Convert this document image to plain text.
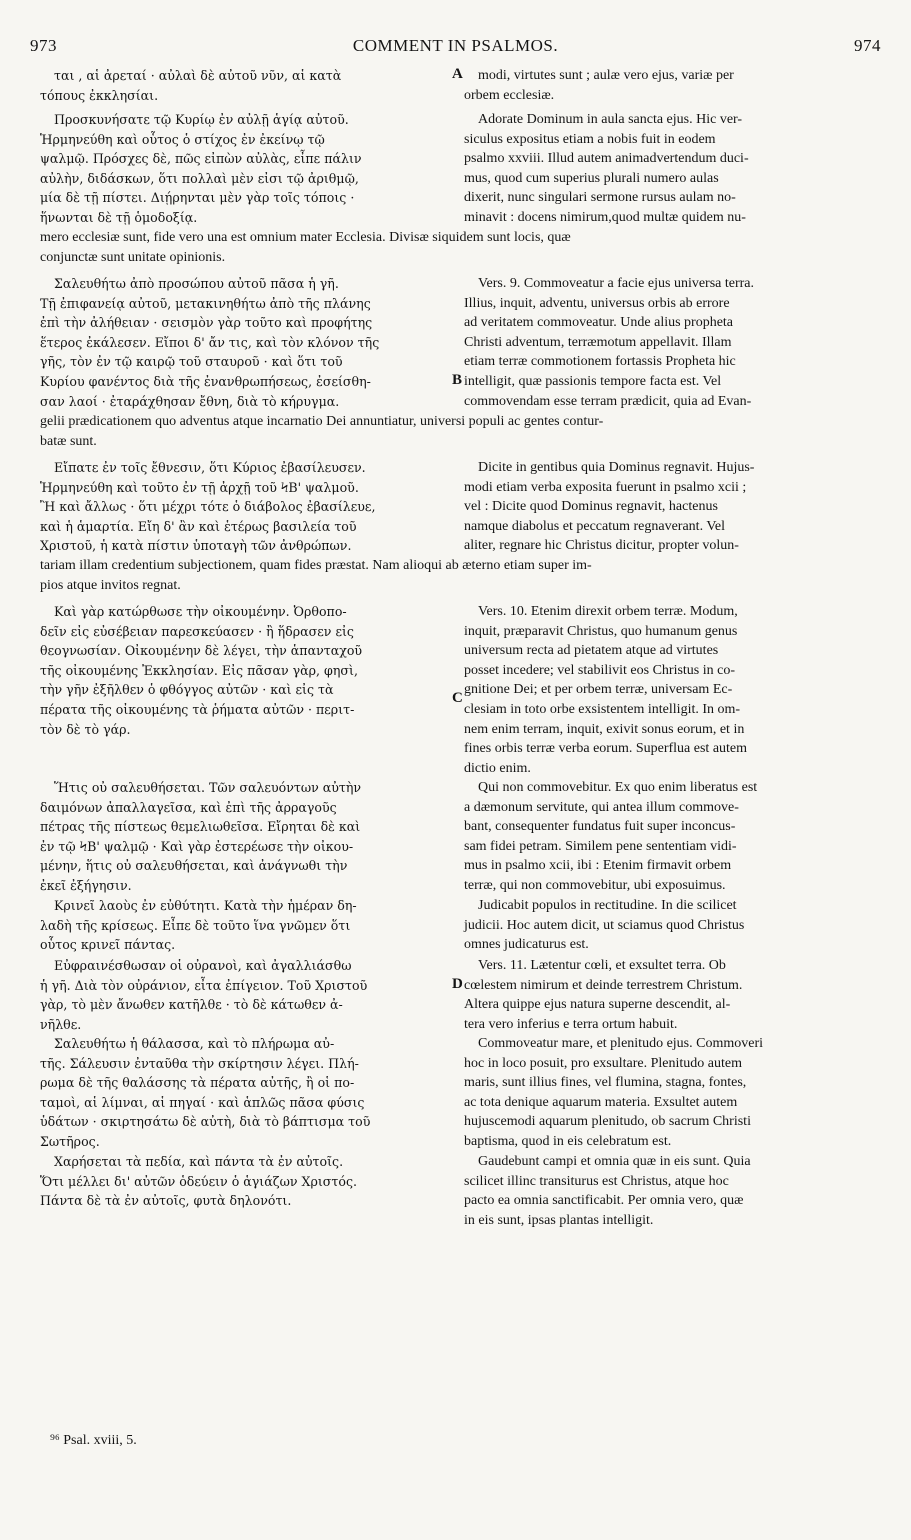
973	COMMENT IN PSALMOS.	974

ται , αἱ ἀρεταί · αὐλαὶ δὲ αὐτοῦ νῦν, αἱ κατὰ

τόπους ἐκκλησίαι.

modi, virtutes sunt ; aulæ vero ejus, variæ per

orbem ecclesiæ.

Προσκυνήσατε τῷ Κυρίῳ ἐν αὐλῇ ἁγίᾳ αὐτοῦ.

Ἡρμηνεύθη καὶ οὗτος ὁ στίχος ἐν ἐκείνῳ τῷ

ψαλμῷ. Πρόσχες δὲ, πῶς εἰπὼν αὐλὰς, εἶπε πάλιν

αὐλὴν, διδάσκων, ὅτι πολλαὶ μὲν εἰσι τῷ ἀριθμῷ,

μία δὲ τῇ πίστει. Διῄρηνται μὲν γὰρ τοῖς τόποις ·

ἥνωνται δὲ τῇ ὁμοδοξίᾳ.

Adorate Dominum in aula sancta ejus. Hic ver-

siculus expositus etiam a nobis fuit in eodem

psalmo xxviii. Illud autem animadvertendum duci-

mus, quod cum superius plurali numero aulas

dixerit, nunc singulari sermone rursus aulam no-

minavit : docens nimirum,quod multæ quidem nu-

mero ecclesiæ sunt, fide vero una est omnium mater Ecclesia. Divisæ siquidem sunt locis, quæ

conjunctæ sunt unitate opinionis.

Σαλευθήτω ἀπὸ προσώπου αὐτοῦ πᾶσα ἡ γῆ.

Τῇ ἐπιφανείᾳ αὐτοῦ, μετακινηθήτω ἀπὸ τῆς πλάνης

ἐπὶ τὴν ἀλήθειαν · σεισμὸν γὰρ τοῦτο καὶ προφήτης

ἕτερος ἐκάλεσεν. Εἴποι δ' ἄν τις, καὶ τὸν κλόνον τῆς

γῆς, τὸν ἐν τῷ καιρῷ τοῦ σταυροῦ · καὶ ὅτι τοῦ

Κυρίου φανέντος διὰ τῆς ἐνανθρωπήσεως, ἐσείσθη-

σαν λαοί · ἐταράχθησαν ἔθνη, διὰ τὸ κήρυγμα.

Vers. 9. Commoveatur a facie ejus universa terra.

Illius, inquit, adventu, universus orbis ab errore

ad veritatem commoveatur. Unde alius propheta

Christi adventum, terræmotum appellavit. Illam

etiam terræ commotionem fortassis Propheta hic

intelligit, quæ passionis tempore facta est. Vel

commovendam esse terram prædicit, quia ad Evan-

gelii prædicationem quo adventus atque incarnatio Dei annuntiatur, universi populi ac gentes contur-

batæ sunt.

Εἴπατε ἐν τοῖς ἔθνεσιν, ὅτι Κύριος ἐβασίλευσεν.

Ἡρμηνεύθη καὶ τοῦτο ἐν τῇ ἀρχῇ τοῦ ϞΒ' ψαλμοῦ.

Ἢ καὶ ἄλλως · ὅτι μέχρι τότε ὁ διάβολος ἐβασίλευε,

καὶ ἡ ἁμαρτία. Εἴη δ' ἂν καὶ ἑτέρως βασιλεία τοῦ

Χριστοῦ, ἡ κατὰ πίστιν ὑποταγὴ τῶν ἀνθρώπων.

Dicite in gentibus quia Dominus regnavit. Hujus-

modi etiam verba exposita fuerunt in psalmo xcii ;

vel : Dicite quod Dominus regnavit, hactenus

namque diabolus et peccatum regnaverant. Vel

aliter, regnare hic Christus dicitur, propter volun-

tariam illam credentium subjectionem, quam fides præstat. Nam alioqui ab æterno etiam super im-

pios atque invitos regnat.

Καὶ γὰρ κατώρθωσε τὴν οἰκουμένην. Ὀρθοπο-

δεῖν εἰς εὐσέβειαν παρεσκεύασεν · ἢ ἥδρασεν εἰς

θεογνωσίαν. Οἰκουμένην δὲ λέγει, τὴν ἁπανταχοῦ

τῆς οἰκουμένης Ἐκκλησίαν. Εἰς πᾶσαν γὰρ, φησὶ,

τὴν γῆν ἐξῆλθεν ὁ φθόγγος αὐτῶν · καὶ εἰς τὰ

πέρατα τῆς οἰκουμένης τὰ ῥήματα αὐτῶν · περιτ-

τὸν δὲ τὸ γάρ.

Vers. 10. Etenim direxit orbem terræ. Modum,

inquit, præparavit Christus, quo humanum genus

universum recta ad pietatem atque ad virtutes

posset incedere; vel stabilivit eos Christus in co-

gnitione Dei; et per orbem terræ, universam Ec-

clesiam in toto orbe exsistentem intelligit. In om-

nem enim terram, inquit, exivit sonus eorum, et in

fines orbis terræ verba eorum. Superflua est autem

dictio enim.

Ἥτις οὐ σαλευθήσεται. Τῶν σαλευόντων αὐτὴν

δαιμόνων ἀπαλλαγεῖσα, καὶ ἐπὶ τῆς ἀρραγοῦς

πέτρας τῆς πίστεως θεμελιωθεῖσα. Εἴρηται δὲ καὶ

ἐν τῷ ϞΒ' ψαλμῷ · Καὶ γὰρ ἐστερέωσε τὴν οἰκου-

μένην, ἥτις οὐ σαλευθήσεται, καὶ ἀνάγνωθι τὴν

ἐκεῖ ἐξήγησιν.

Qui non commovebitur. Ex quo enim liberatus est

a dæmonum servitute, qui antea illum commove-

bant, consequenter fundatus fuit super inconcus-

sam fidei petram. Similem pene sententiam vidi-

mus in psalmo xcii, ibi : Etenim firmavit orbem

terræ, qui non commovebitur, ubi exposuimus.

Κρινεῖ λαοὺς ἐν εὐθύτητι. Κατὰ τὴν ἡμέραν δη-

λαδὴ τῆς κρίσεως. Εἶπε δὲ τοῦτο ἵνα γνῶμεν ὅτι

οὗτος κρινεῖ πάντας.

Judicabit populos in rectitudine. In die scilicet

judicii. Hoc autem dicit, ut sciamus quod Christus

omnes judicaturus est.

Εὐφραινέσθωσαν οἱ οὐρανοὶ, καὶ ἀγαλλιάσθω

ἡ γῆ. Διὰ τὸν οὐράνιον, εἶτα ἐπίγειον. Τοῦ Χριστοῦ

γὰρ, τὸ μὲν ἄνωθεν κατῆλθε · τὸ δὲ κάτωθεν ἀ-

νῆλθε.

Vers. 11. Lætentur cœli, et exsultet terra. Ob

cœlestem nimirum et deinde terrestrem Christum.

Altera quippe ejus natura superne descendit, al-

tera vero inferius e terra ortum habuit.

Σαλευθήτω ἡ θάλασσα, καὶ τὸ πλήρωμα αὐ-

τῆς. Σάλευσιν ἐνταῦθα τὴν σκίρτησιν λέγει. Πλή-

ρωμα δὲ τῆς θαλάσσης τὰ πέρατα αὐτῆς, ἢ οἱ πο-

ταμοὶ, αἱ λίμναι, αἱ πηγαί · καὶ ἁπλῶς πᾶσα φύσις

ὑδάτων · σκιρτησάτω δὲ αὐτὴ, διὰ τὸ βάπτισμα τοῦ

Σωτῆρος.

Commoveatur mare, et plenitudo ejus. Commoveri

hoc in loco posuit, pro exsultare. Plenitudo autem

maris, sunt illius fines, vel flumina, stagna, fontes,

ac tota denique aquarum materia. Exsultet autem

hujuscemodi aquarum plenitudo, ob sacrum Christi

baptisma, quod in eis celebratum est.

Χαρήσεται τὰ πεδία, καὶ πάντα τὰ ἐν αὐτοῖς.

Ὅτι μέλλει δι' αὐτῶν ὁδεύειν ὁ ἁγιάζων Χριστός.

Πάντα δὲ τὰ ἐν αὐτοῖς, φυτὰ δηλονότι.

Gaudebunt campi et omnia quæ in eis sunt. Quia

scilicet illinc transiturus est Christus, atque hoc

pacto ea omnia sanctificabit. Per omnia vero, quæ

in eis sunt, ipsas plantas intelligit.

A
B
C
D
⁹⁶ Psal. xviii, 5.
